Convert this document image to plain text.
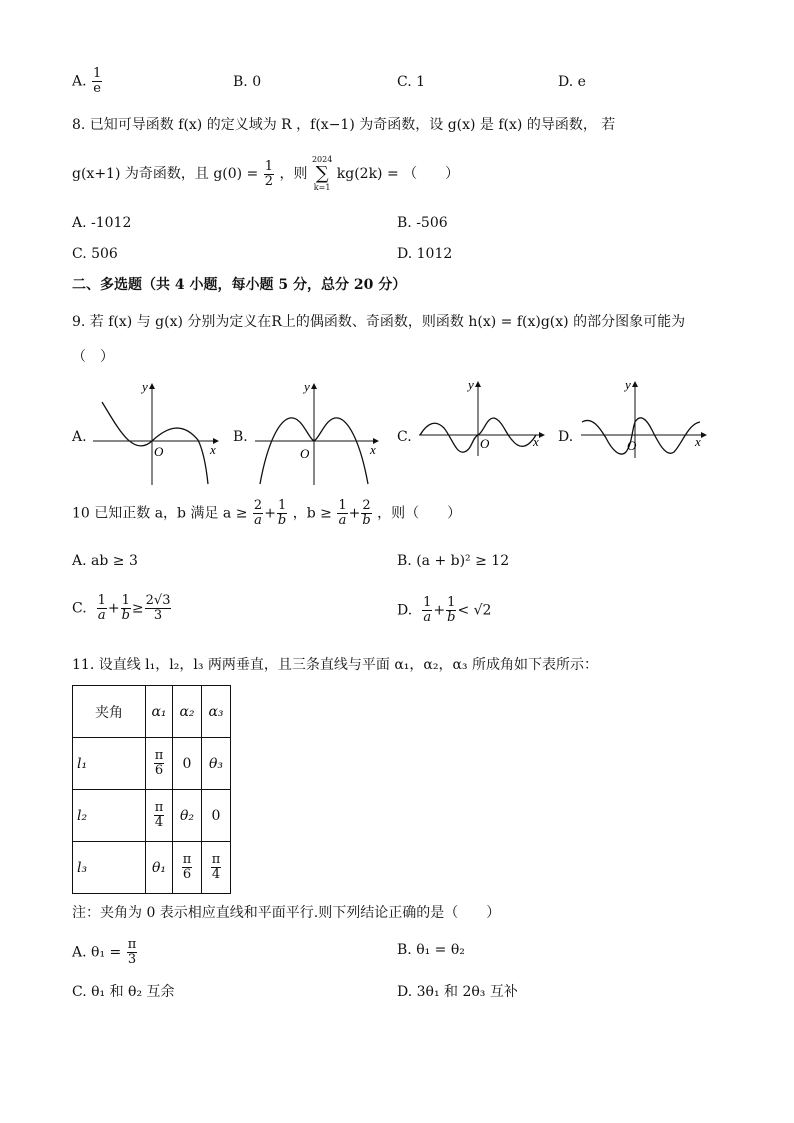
A. $\frac{1}{e}$	B. 0	C. 1	D. e
8. 已知可导函数 f(x) 的定义域为 R ，f(x−1) 为奇函数，设 g(x) 是 f(x) 的导函数， 若
g(x+1) 为奇函数，且 $g(0) = \frac{1}{2}$ ，则
2024
∑
k=1
kg(2k) = （　　）
A. -1012	B. -506
C. 506	D. 1012
二、多选题（共 4 小题，每小题 5 分，总分 20 分）
9. 若 f(x) 与 g(x) 分别为定义在R上的偶函数、奇函数，则函数 h(x) = f(x)g(x) 的部分图象可能为
（　）
A.
y
x
O
B.
y
x
O
C.
y
x
O	D.
y
x
O
10 已知正数 a，b 满足 $a \ge \frac{2}{a} + \frac{1}{b}$ ，$b \ge \frac{1}{a} + \frac{2}{b}$ ，则（　　）
A. ab ≥ 3	B. (a + b)² ≥ 12
C. $\frac{1}{a} + \frac{1}{b} \ge \frac{2√3}{3}$	D. $\frac{1}{a} + \frac{1}{b} < √2$
11. 设直线 l₁，l₂，l₃ 两两垂直，且三条直线与平面 α₁，α₂，α₃ 所成角如下表所示：
夹角	α₁	α₂	α₃
l₁	$\frac{\pi}{6}$	0	θ₃
l₂	$\frac{\pi}{4}$	θ₂	0
l₃	θ₁	$\frac{\pi}{6}$	$\frac{\pi}{4}$
注：夹角为 0 表示相应直线和平面平行.则下列结论正确的是（　　）
A. $\theta_1 = \frac{\pi}{3}$	B. θ₁ = θ₂
C. θ₁ 和 θ₂ 互余	D. 3θ₁ 和 2θ₃ 互补
